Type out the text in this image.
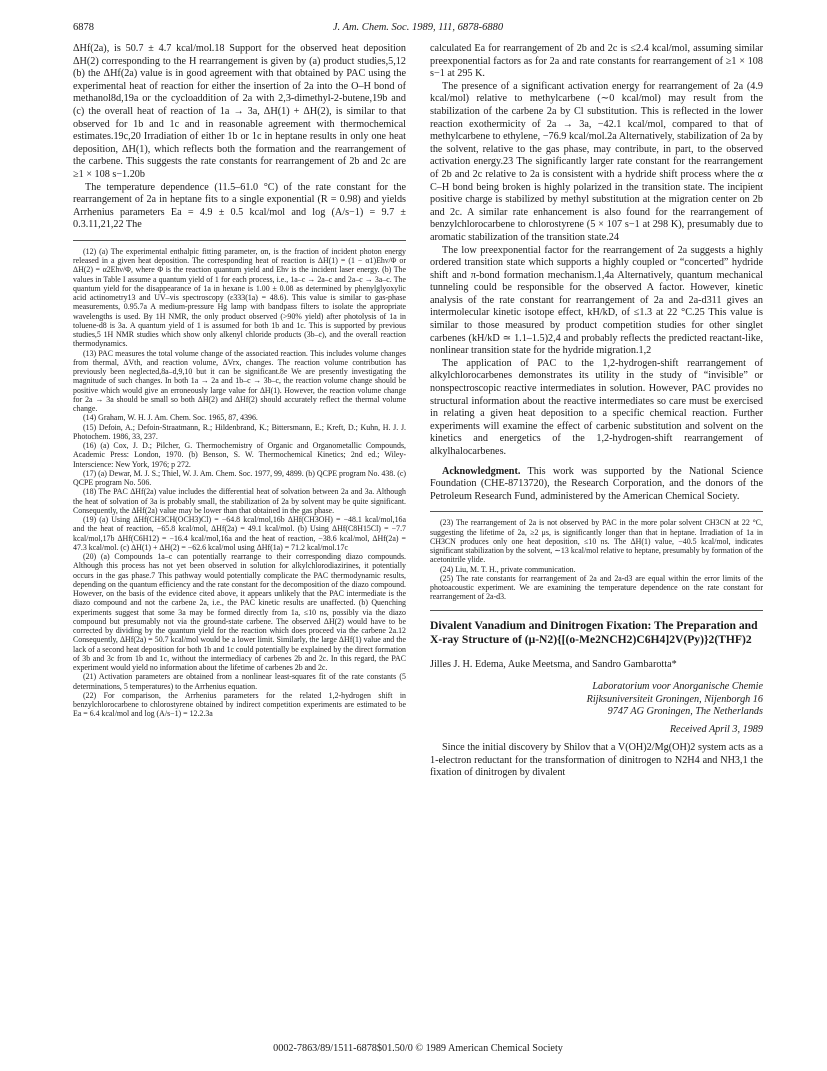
6878	J. Am. Chem. Soc. 1989, 111, 6878-6880

ΔHf(2a), is 50.7 ± 4.7 kcal/mol.18 Support for the observed heat deposition ΔH(2) corresponding to the H rearrangement is given by (a) product studies,5,12 (b) the ΔHf(2a) value is in good agreement with that obtained by PAC using the experimental heat of reaction for either the insertion of 2a into the O–H bond of methanol8d,19a or the cycloaddition of 2a with 2,3-dimethyl-2-butene,19b and (c) the overall heat of reaction of 1a → 3a, ΔH(1) + ΔH(2), is similar to that observed for 1b and 1c and in reasonable agreement with thermochemical estimates.19c,20 Irradiation of either 1b or 1c in heptane results in only one heat deposition, ΔH(1), which reflects both the formation and the rearrangement of the carbene. This suggests the rate constants for rearrangement of 2b and 2c are ≥1 × 108 s−1.20b

The temperature dependence (11.5–61.0 °C) of the rate constant for the rearrangement of 2a in heptane fits to a single exponential (R = 0.98) and yields Arrhenius parameters Ea = 4.9 ± 0.5 kcal/mol and log (A/s−1) = 9.7 ± 0.3.11,21,22 The

(12) (a) The experimental enthalpic fitting parameter, αn, is the fraction of incident photon energy released in a given heat deposition. The corresponding heat of reaction is ΔH(1) = (1 − α1)Ehν/Φ or ΔH(2) = α2Ehν/Φ, where Φ is the reaction quantum yield and Ehν is the incident laser energy. (b) The values in Table I assume a quantum yield of 1 for each process, i.e., 1a–c → 2a–c and 2a–c → 3a–c. The quantum yield for the disappearance of 1a in hexane is 1.00 ± 0.08 as determined by phenylglyoxylic acid actinometry13 and UV–vis spectroscopy (ε333(1a) = 48.6). This value is similar to gas-phase measurements, 0.95.7a A medium-pressure Hg lamp with bandpass filters to isolate the appropriate wavelengths is used. By 1H NMR, the only product observed (>90% yield) after photolysis of 1a in toluene-d8 is 3a. A quantum yield of 1 is assumed for both 1b and 1c. This is supported by previous studies,5 1H NMR studies which show only alkenyl chloride products (3b–c), and the overall reaction thermodynamics.

(13) PAC measures the total volume change of the associated reaction. This includes volume changes from thermal, ΔVth, and reaction volume, ΔVrx, changes. The reaction volume contribution has previously been neglected,8a–d,9,10 but it can be significant.8e We are presently investigating the magnitude of such changes. In both 1a → 2a and 1b–c → 3b–c, the reaction volume change should be positive which would give an erroneously large value for ΔH(1). However, the reaction volume change for 2a → 3a should be small so both ΔH(2) and ΔHf(2) should accurately reflect the thermal volume change.

(14) Graham, W. H. J. Am. Chem. Soc. 1965, 87, 4396.

(15) Defoin, A.; Defoin-Straatmann, R.; Hildenbrand, K.; Bittersmann, E.; Kreft, D.; Kuhn, H. J. J. Photochem. 1986, 33, 237.

(16) (a) Cox, J. D.; Pilcher, G. Thermochemistry of Organic and Organometallic Compounds, Academic Press: London, 1970. (b) Benson, S. W. Thermochemical Kinetics; 2nd ed.; Wiley-Interscience: New York, 1976; p 272.

(17) (a) Dewar, M. J. S.; Thiel, W. J. Am. Chem. Soc. 1977, 99, 4899. (b) QCPE program No. 438. (c) QCPE program No. 506.

(18) The PAC ΔHf(2a) value includes the differential heat of solvation between 2a and 3a. Although the heat of solvation of 3a is probably small, the stabilization of 2a by solvent may be quite significant. Consequently, the ΔHf(2a) value may be lower than that obtained in the gas phase.

(19) (a) Using ΔHf(CH3CH(OCH3)Cl) = −64.8 kcal/mol,16b ΔHf(CH3OH) = −48.1 kcal/mol,16a and the heat of reaction, −65.8 kcal/mol, ΔHf(2a) = 49.1 kcal/mol. (b) Using ΔHf(C8H15Cl) = −7.7 kcal/mol,17b ΔHf(C6H12) = −16.4 kcal/mol,16a and the heat of reaction, −38.6 kcal/mol, ΔHf(2a) = 47.3 kcal/mol. (c) ΔH(1) + ΔH(2) = −62.6 kcal/mol using ΔHf(1a) = 71.2 kcal/mol.17c

(20) (a) Compounds 1a–c can potentially rearrange to their corresponding diazo compounds. Although this process has not yet been observed in solution for alkylchlorodiazirines, it potentially occurs in the gas phase.7 This pathway would potentially complicate the PAC thermodynamic results, depending on the quantum efficiency and the rate constant for the decomposition of the diazo compound. However, on the basis of the evidence cited above, it appears unlikely that the PAC intermediate is the diazo compound and not the carbene 2a, i.e., the PAC kinetic results are unaffected. (b) Quenching experiments suggest that some 3a may be formed directly from 1a, ≤10 ns, possibly via the diazo compound but presumably not via the ground-state carbene. The observed ΔH(2) would have to be corrected by dividing by the quantum yield for the reaction which does proceed via the carbene 2a.12 Consequently, ΔHf(2a) = 50.7 kcal/mol would be a lower limit. Similarly, the large ΔHf(1) value and the lack of a second heat deposition for both 1b and 1c could potentially be explained by the direct formation of 3b and 3c from 1b and 1c, without the intermediacy of carbenes 2b and 2c. In this regard, the PAC experiment would yield no information about the lifetime of carbenes 2b and 2c.

(21) Activation parameters are obtained from a nonlinear least-squares fit of the rate constants (5 determinations, 5 temperatures) to the Arrhenius equation.

(22) For comparison, the Arrhenius parameters for the related 1,2-hydrogen shift in benzylchlorocarbene to chlorostyrene obtained by indirect competition experiments are estimated to be Ea = 6.4 kcal/mol and log (A/s−1) = 12.2.3a

calculated Ea for rearrangement of 2b and 2c is ≤2.4 kcal/mol, assuming similar preexponential factors as for 2a and rate constants for rearrangement of ≥1 × 108 s−1 at 295 K.

The presence of a significant activation energy for rearrangement of 2a (4.9 kcal/mol) relative to methylcarbene (∼0 kcal/mol) may result from the stabilization of the carbene 2a by Cl substitution. This is reflected in the lower reaction exothermicity of 2a → 3a, −42.1 kcal/mol, compared to that of methylcarbene to ethylene, −76.9 kcal/mol.2a Alternatively, stabilization of 2a by the solvent, relative to the gas phase, may contribute, in part, to the observed activation energy.23 The significantly larger rate constant for the rearrangement of 2b and 2c relative to 2a is consistent with a hydride shift process where the α C–H bond being broken is highly polarized in the transition state. The incipient positive charge is stabilized by methyl substitution at the migration center on 2b and 2c. A similar rate enhancement is also found for the rearrangement of benzylchlorocarbene to chlorostyrene (5 × 107 s−1 at 298 K), presumably due to aromatic stabilization of the transition state.24

The low preexponential factor for the rearrangement of 2a suggests a highly ordered transition state which supports a highly coupled or “concerted” hydride shift and π-bond formation mechanism.1,4a Alternatively, quantum mechanical tunneling could be responsible for the observed A factor. However, kinetic analysis of the rate constant for rearrangement of 2a and 2a-d311 gives an intermolecular kinetic isotope effect, kH/kD, of ≤1.3 at 22 °C.25 This value is similar to those measured by product competition studies for other singlet carbenes (kH/kD ≃ 1.1–1.5)2,4 and probably reflects the predicted reactant-like, nonlinear transition state for the hydride migration.1,2

The application of PAC to the 1,2-hydrogen-shift rearrangement of alkylchlorocarbenes demonstrates its utility in the study of “invisible” or nonspectroscopic reactive intermediates in solution. However, PAC provides no structural information about the reactive intermediates so care must be exercised in relating a given heat deposition to a specific chemical reaction. Further experiments will examine the effect of carbenic substitution and solvent on the kinetics and energetics of the 1,2-hydrogen-shift rearrangement of alkylhalocarbenes.

Acknowledgment. This work was supported by the National Science Foundation (CHE-8713720), the Research Corporation, and the donors of the Petroleum Research Fund, administered by the American Chemical Society.

(23) The rearrangement of 2a is not observed by PAC in the more polar solvent CH3CN at 22 °C, suggesting the lifetime of 2a, ≥2 μs, is significantly longer than that in heptane. Irradiation of 1a in CH3CN produces only one heat deposition, ≤10 ns. The ΔH(1) value, −40.5 kcal/mol, indicates significant stabilization by the solvent, ∼13 kcal/mol relative to heptane, presumably by formation of the acetonitrile ylide.

(24) Liu, M. T. H., private communication.

(25) The rate constants for rearrangement of 2a and 2a-d3 are equal within the error limits of the photoacoustic experiment. We are examining the temperature dependence on the rate constant for rearrangement of 2a-d3.

Divalent Vanadium and Dinitrogen Fixation: The Preparation and X-ray Structure of (μ-N2){[(o-Me2NCH2)C6H4]2V(Py)}2(THF)2
Jilles J. H. Edema, Auke Meetsma, and Sandro Gambarotta*
Laboratorium voor Anorganische Chemie
Rijksuniversiteit Groningen, Nijenborgh 16
9747 AG Groningen, The Netherlands
Received April 3, 1989

Since the initial discovery by Shilov that a V(OH)2/Mg(OH)2 system acts as a 1-electron reductant for the transformation of dinitrogen to N2H4 and NH3,1 the fixation of dinitrogen by divalent

0002-7863/89/1511-6878$01.50/0 © 1989 American Chemical Society
